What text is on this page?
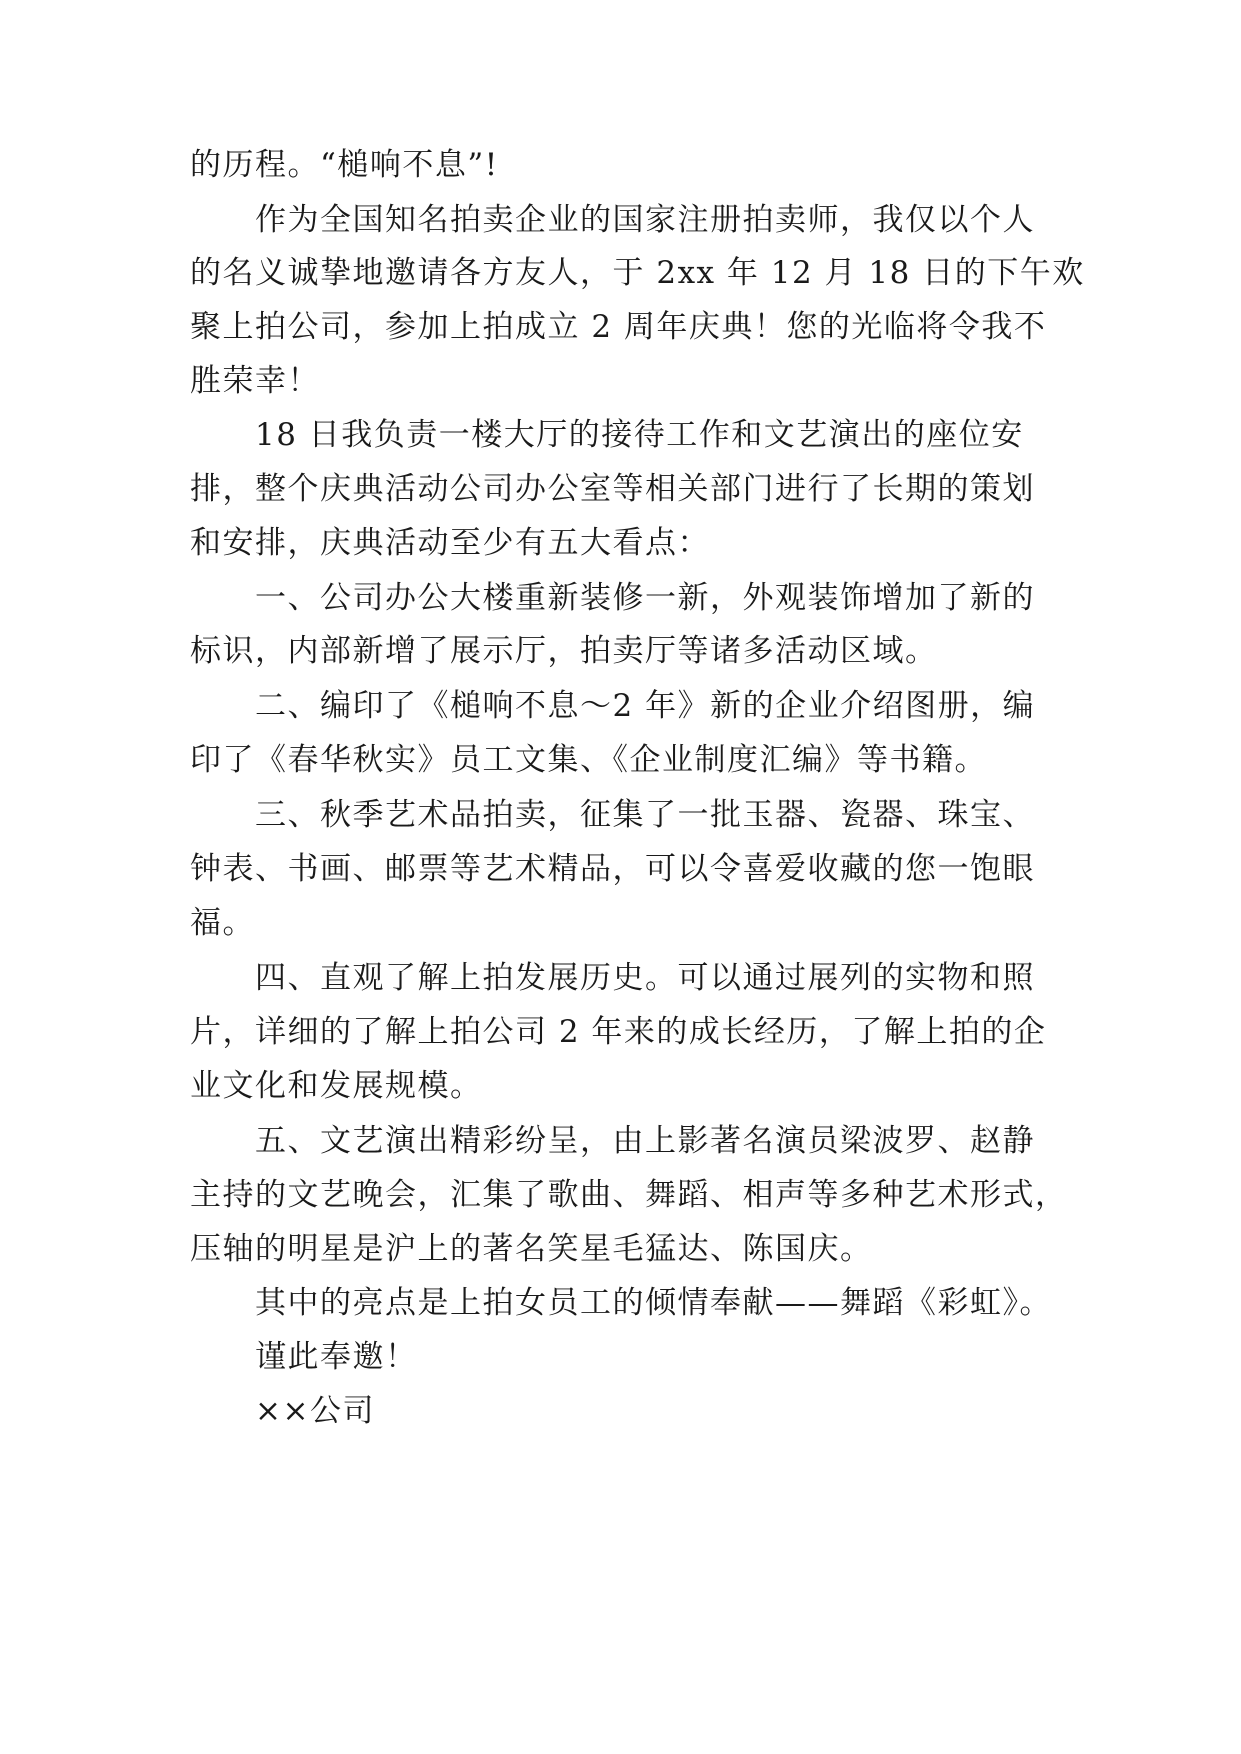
的历程。“槌响不息”!
作为全国知名拍卖企业的国家注册拍卖师，我仅以个人
的名义诚挚地邀请各方友人，于 2xx 年 12 月 18 日的下午欢
聚上拍公司，参加上拍成立 2 周年庆典！您的光临将令我不
胜荣幸！
18 日我负责一楼大厅的接待工作和文艺演出的座位安
排，整个庆典活动公司办公室等相关部门进行了长期的策划
和安排，庆典活动至少有五大看点：
一、公司办公大楼重新装修一新，外观装饰增加了新的
标识，内部新增了展示厅，拍卖厅等诸多活动区域。
二、编印了《槌响不息～2 年》新的企业介绍图册，编
印了《春华秋实》员工文集、《企业制度汇编》等书籍。
三、秋季艺术品拍卖，征集了一批玉器、瓷器、珠宝、
钟表、书画、邮票等艺术精品，可以令喜爱收藏的您一饱眼
福。
四、直观了解上拍发展历史。可以通过展列的实物和照
片，详细的了解上拍公司 2 年来的成长经历，了解上拍的企
业文化和发展规模。
五、文艺演出精彩纷呈，由上影著名演员梁波罗、赵静
主持的文艺晚会，汇集了歌曲、舞蹈、相声等多种艺术形式，
压轴的明星是沪上的著名笑星毛猛达、陈国庆。
其中的亮点是上拍女员工的倾情奉献——舞蹈《彩虹》。
谨此奉邀！
××公司
